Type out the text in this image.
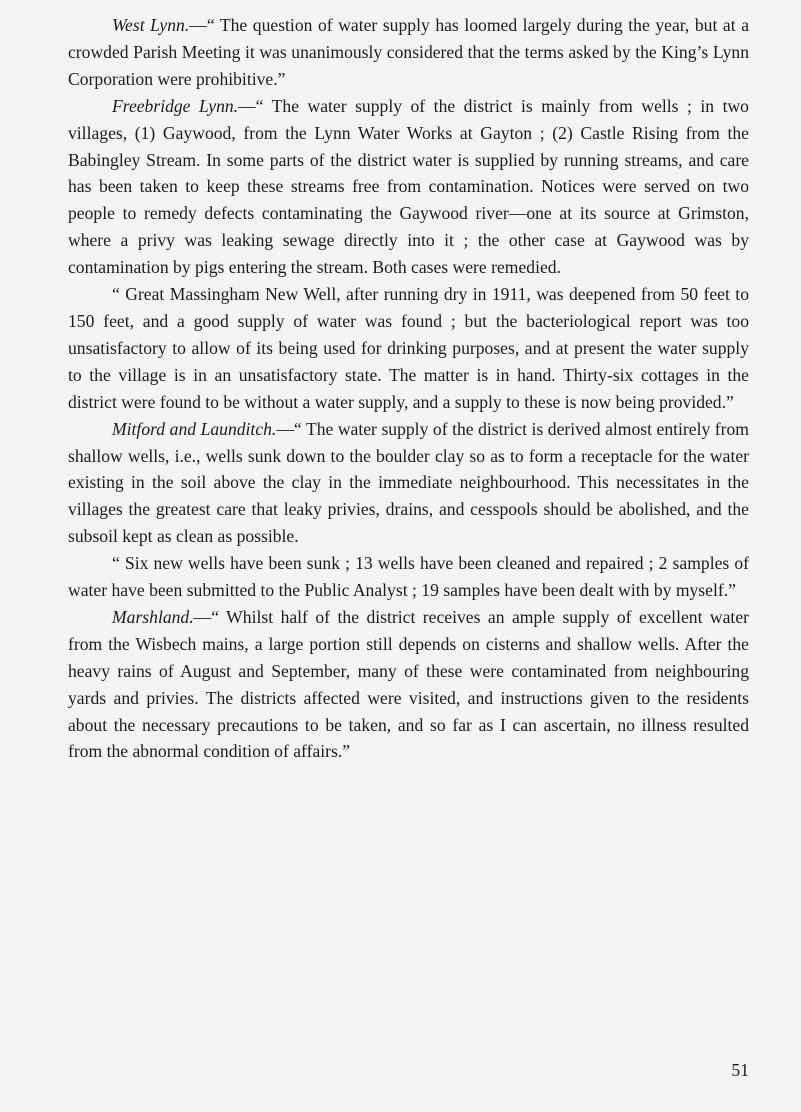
West Lynn.—“ The question of water supply has loomed largely during the year, but at a crowded Parish Meeting it was unanimously considered that the terms asked by the King’s Lynn Corporation were prohibitive.”

Freebridge Lynn.—“ The water supply of the district is mainly from wells ; in two villages, (1) Gaywood, from the Lynn Water Works at Gayton ; (2) Castle Rising from the Babingley Stream. In some parts of the district water is supplied by running streams, and care has been taken to keep these streams free from contamination. Notices were served on two people to remedy defects contaminating the Gaywood river—one at its source at Grimston, where a privy was leaking sewage directly into it ; the other case at Gaywood was by contamination by pigs entering the stream. Both cases were remedied.

“ Great Massingham New Well, after running dry in 1911, was deepened from 50 feet to 150 feet, and a good supply of water was found ; but the bacteriological report was too unsatisfactory to allow of its being used for drinking purposes, and at present the water supply to the village is in an unsatisfactory state. The matter is in hand. Thirty-six cottages in the district were found to be without a water supply, and a supply to these is now being provided.”

Mitford and Launditch.—“ The water supply of the district is derived almost entirely from shallow wells, i.e., wells sunk down to the boulder clay so as to form a receptacle for the water existing in the soil above the clay in the immediate neighbourhood. This necessitates in the villages the greatest care that leaky privies, drains, and cesspools should be abolished, and the subsoil kept as clean as possible.

“ Six new wells have been sunk ; 13 wells have been cleaned and repaired ; 2 samples of water have been submitted to the Public Analyst ; 19 samples have been dealt with by myself.”

Marshland.—“ Whilst half of the district receives an ample supply of excellent water from the Wisbech mains, a large portion still depends on cisterns and shallow wells. After the heavy rains of August and September, many of these were contaminated from neighbouring yards and privies. The districts affected were visited, and instructions given to the residents about the necessary precautions to be taken, and so far as I can ascertain, no illness resulted from the abnormal condition of affairs.”

51
